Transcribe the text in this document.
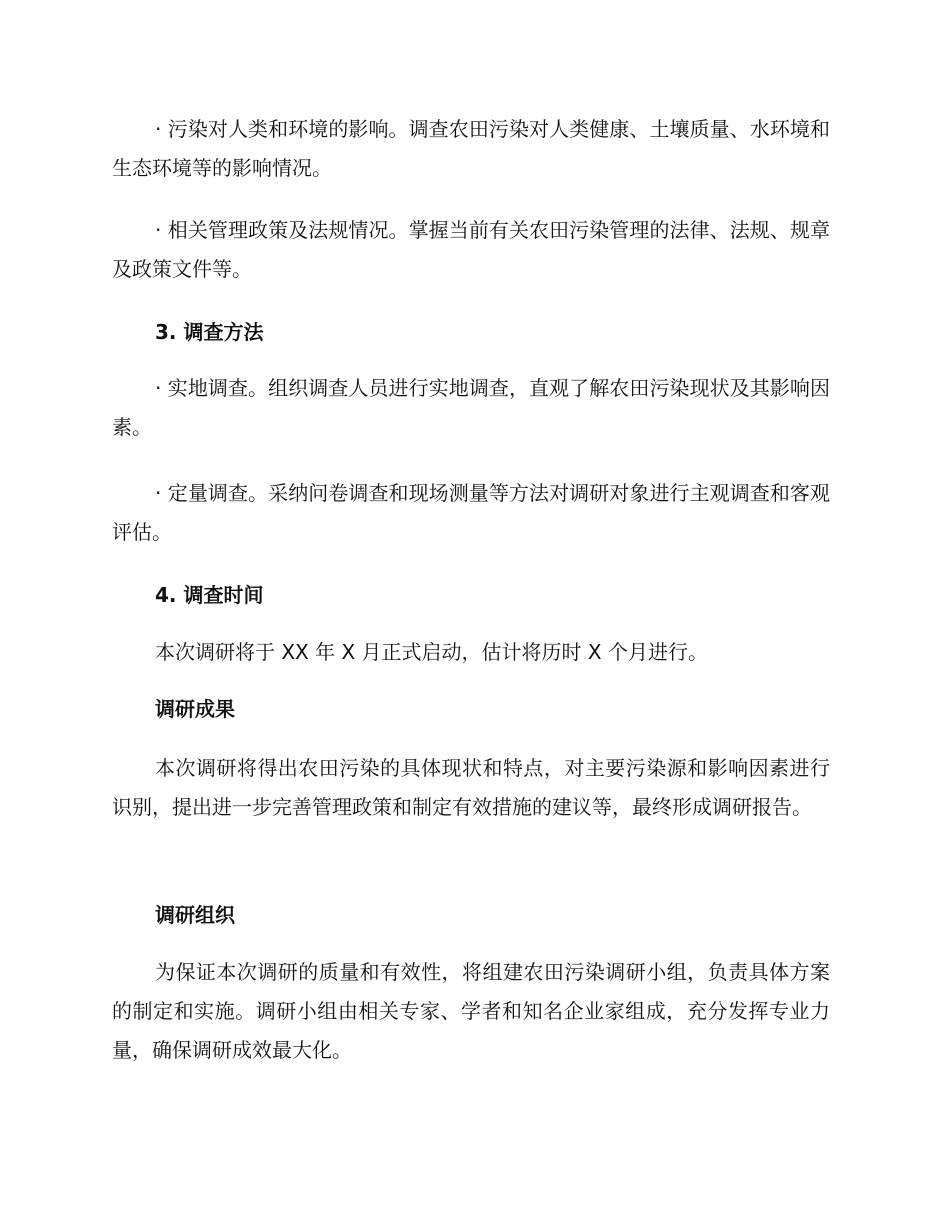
· 污染对人类和环境的影响。调查农田污染对人类健康、土壤质量、水环境和生态环境等的影响情况。

· 相关管理政策及法规情况。掌握当前有关农田污染管理的法律、法规、规章及政策文件等。

3. 调查方法

· 实地调查。组织调查人员进行实地调查，直观了解农田污染现状及其影响因素。

· 定量调查。采纳问卷调查和现场测量等方法对调研对象进行主观调查和客观评估。

4. 调查时间

本次调研将于 XX 年 X 月正式启动，估计将历时 X 个月进行。

调研成果

本次调研将得出农田污染的具体现状和特点，对主要污染源和影响因素进行识别，提出进一步完善管理政策和制定有效措施的建议等，最终形成调研报告。

调研组织

为保证本次调研的质量和有效性，将组建农田污染调研小组，负责具体方案的制定和实施。调研小组由相关专家、学者和知名企业家组成，充分发挥专业力量，确保调研成效最大化。
